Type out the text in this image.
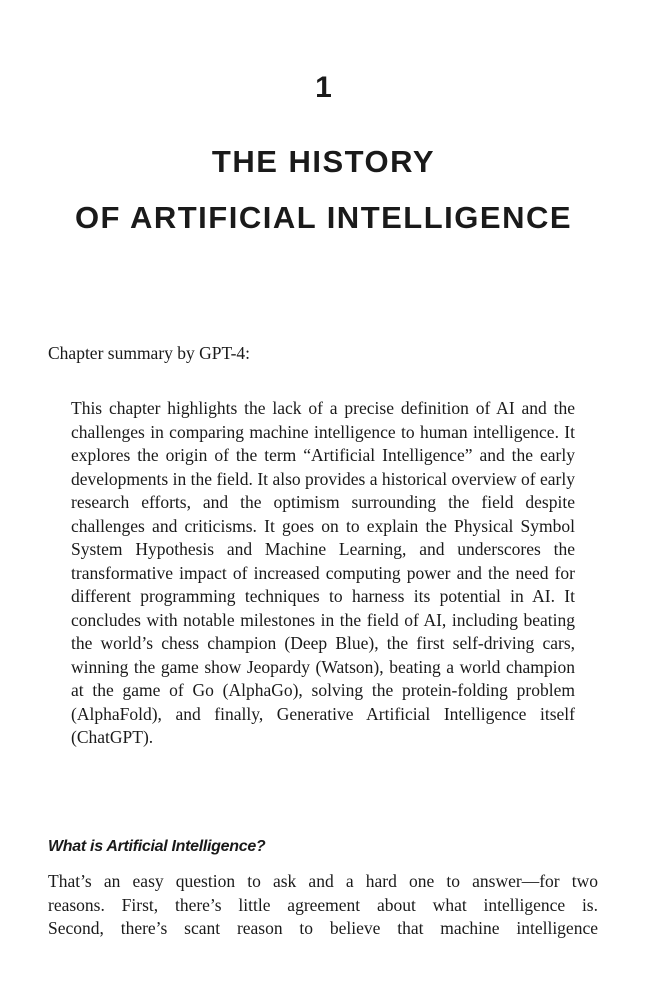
1
THE HISTORY
OF ARTIFICIAL INTELLIGENCE
Chapter summary by GPT-4:
This chapter highlights the lack of a precise definition of AI and the challenges in comparing machine intelligence to human intelligence. It explores the origin of the term “Artificial Intelligence” and the early developments in the field. It also provides a historical overview of early research efforts, and the optimism surrounding the field despite challenges and criticisms. It goes on to explain the Physical Symbol System Hypothesis and Machine Learning, and underscores the transformative impact of increased computing power and the need for different programming techniques to harness its potential in AI. It concludes with notable milestones in the field of AI, including beating the world’s chess champion (Deep Blue), the first self-driving cars, winning the game show Jeopardy (Watson), beating a world champion at the game of Go (AlphaGo), solving the protein-folding problem (AlphaFold), and finally, Generative Artificial Intelligence itself (ChatGPT).
What is Artificial Intelligence?
That’s an easy question to ask and a hard one to answer—for two
reasons. First, there’s little agreement about what intelligence is.
Second, there’s scant reason to believe that machine intelligence
